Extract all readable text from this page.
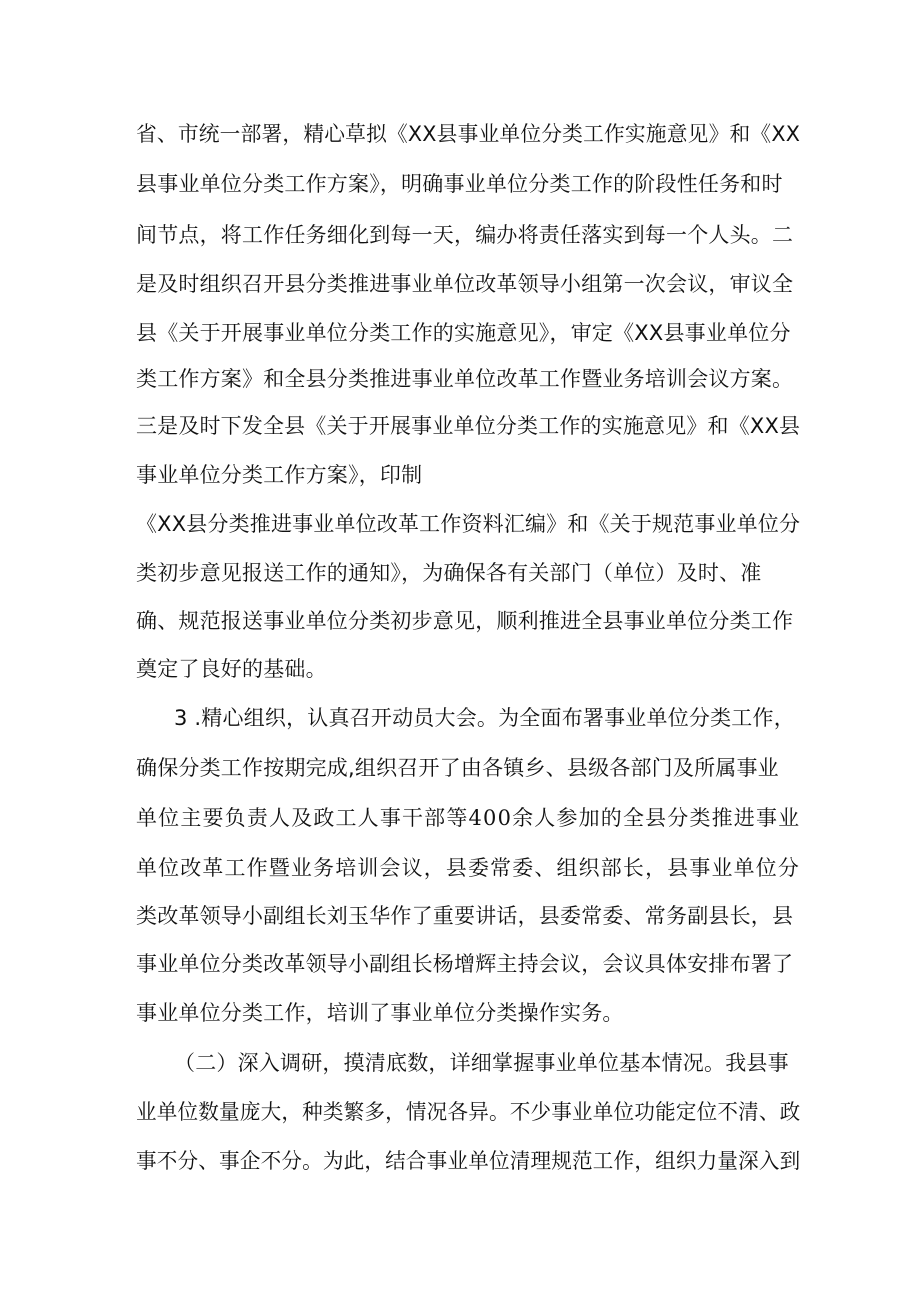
省、市统一部署，精心草拟《XX县事业单位分类工作实施意见》和《XX

县事业单位分类工作方案》，明确事业单位分类工作的阶段性任务和时

间节点，将工作任务细化到每一天，编办将责任落实到每一个人头。二

是及时组织召开县分类推进事业单位改革领导小组第一次会议，审议全

县《关于开展事业单位分类工作的实施意见》，审定《XX县事业单位分

类工作方案》和全县分类推进事业单位改革工作暨业务培训会议方案。

三是及时下发全县《关于开展事业单位分类工作的实施意见》和《XX县

事业单位分类工作方案》，印制

《XX县分类推进事业单位改革工作资料汇编》和《关于规范事业单位分

类初步意见报送工作的通知》，为确保各有关部门（单位）及时、准

确、规范报送事业单位分类初步意见，顺利推进全县事业单位分类工作

奠定了良好的基础。

3 .精心组织，认真召开动员大会。为全面布署事业单位分类工作，

确保分类工作按期完成,组织召开了由各镇乡、县级各部门及所属事业

单位主要负责人及政工人事干部等400余人参加的全县分类推进事业

单位改革工作暨业务培训会议，县委常委、组织部长，县事业单位分

类改革领导小副组长刘玉华作了重要讲话，县委常委、常务副县长，县

事业单位分类改革领导小副组长杨增辉主持会议，会议具体安排布署了

事业单位分类工作，培训了事业单位分类操作实务。

（二）深入调研，摸清底数，详细掌握事业单位基本情况。我县事

业单位数量庞大，种类繁多，情况各异。不少事业单位功能定位不清、政

事不分、事企不分。为此，结合事业单位清理规范工作，组织力量深入到
